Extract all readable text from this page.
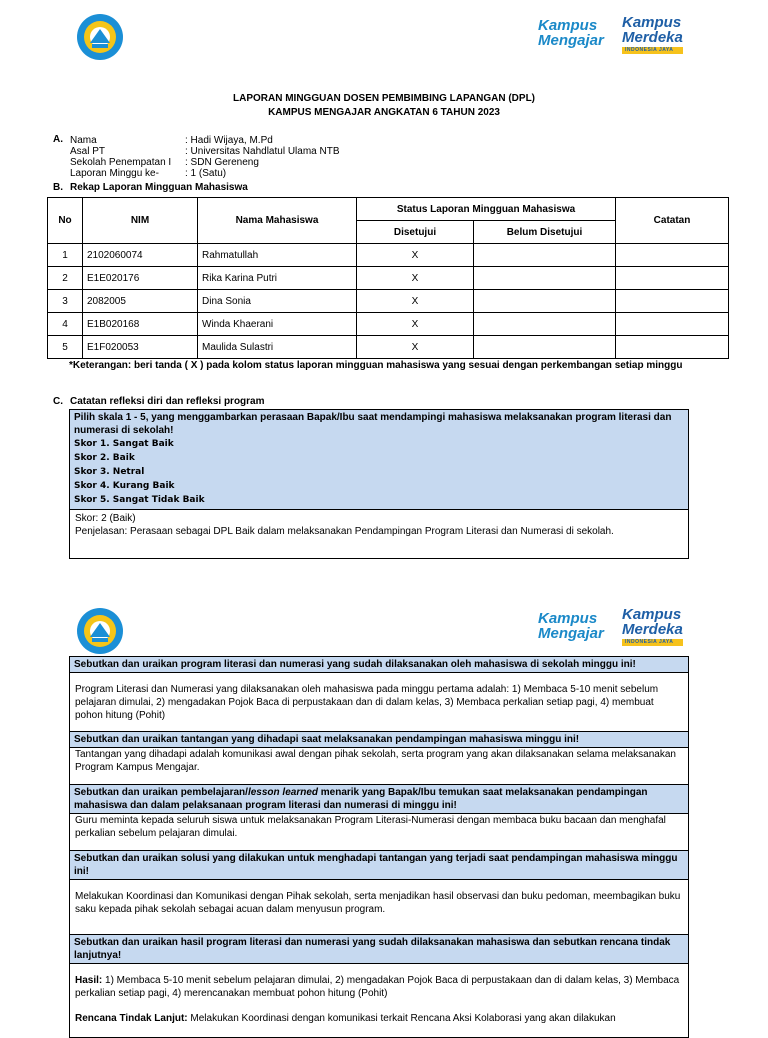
Kampus
Mengajar
Kampus
Merdeka
INDONESIA JAYA
LAPORAN MINGGUAN DOSEN PEMBIMBING LAPANGAN (DPL)
KAMPUS MENGAJAR ANGKATAN 6 TAHUN 2023
A. Nama	: Hadi Wijaya, M.Pd
Asal PT	: Universitas Nahdlatul Ulama NTB
Sekolah Penempatan I	: SDN Gereneng
Laporan Minggu ke-	: 1 (Satu)
B. Rekap Laporan Mingguan Mahasiswa
No	NIM	Nama Mahasiswa	Status Laporan Mingguan Mahasiswa		Catatan
			Disetujui	Belum Disetujui	
1	2102060074	Rahmatullah	X		
2	E1E020176	Rika Karina Putri	X		
3	2082005	Dina Sonia	X		
4	E1B020168	Winda Khaerani	X		
5	E1F020053	Maulida Sulastri	X		
*Keterangan: beri tanda ( X ) pada kolom status laporan mingguan mahasiswa yang sesuai dengan perkembangan setiap minggu
C. Catatan refleksi diri dan refleksi program
Pilih skala 1 - 5, yang menggambarkan perasaan Bapak/Ibu saat mendampingi mahasiswa melaksanakan program literasi dan numerasi di sekolah!
Skor 1. Sangat Baik
Skor 2. Baik
Skor 3. Netral
Skor 4. Kurang Baik
Skor 5. Sangat Tidak Baik
Skor: 2 (Baik)
Penjelasan: Perasaan sebagai DPL Baik dalam melaksanakan Pendampingan Program Literasi dan Numerasi di sekolah.
Kampus
Mengajar
Kampus
Merdeka
INDONESIA JAYA
Sebutkan dan uraikan program literasi dan numerasi yang sudah dilaksanakan oleh mahasiswa di sekolah minggu ini!
Program Literasi dan Numerasi yang dilaksanakan oleh mahasiswa pada minggu pertama adalah: 1) Membaca 5-10 menit sebelum pelajaran dimulai, 2) mengadakan Pojok Baca di perpustakaan dan di dalam kelas, 3) Membaca perkalian setiap pagi, 4) membuat pohon hitung (Pohit)
Sebutkan dan uraikan tantangan yang dihadapi saat melaksanakan pendampingan mahasiswa minggu ini!
Tantangan yang dihadapi adalah komunikasi awal dengan pihak sekolah, serta program yang akan dilaksanakan selama melaksanakan Program Kampus Mengajar.
Sebutkan dan uraikan pembelajaran/lesson learned menarik yang Bapak/Ibu temukan saat melaksanakan pendampingan mahasiswa dan dalam pelaksanaan program literasi dan numerasi di minggu ini!
Guru meminta kepada seluruh siswa untuk melaksanakan Program Literasi-Numerasi dengan membaca buku bacaan dan menghafal perkalian sebelum pelajaran dimulai.
Sebutkan dan uraikan solusi yang dilakukan untuk menghadapi tantangan yang terjadi saat pendampingan mahasiswa minggu ini!
Melakukan Koordinasi dan Komunikasi dengan Pihak sekolah, serta menjadikan hasil observasi dan buku pedoman, meembagikan buku saku kepada pihak sekolah sebagai acuan dalam menyusun program.
Sebutkan dan uraikan hasil program literasi dan numerasi yang sudah dilaksanakan mahasiswa dan sebutkan rencana tindak lanjutnya!
Hasil: 1) Membaca 5-10 menit sebelum pelajaran dimulai, 2) mengadakan Pojok Baca di perpustakaan dan di dalam kelas, 3) Membaca perkalian setiap pagi, 4) merencanakan membuat pohon hitung (Pohit)
Rencana Tindak Lanjut: Melakukan Koordinasi dengan komunikasi terkait Rencana Aksi Kolaborasi yang akan dilakukan
